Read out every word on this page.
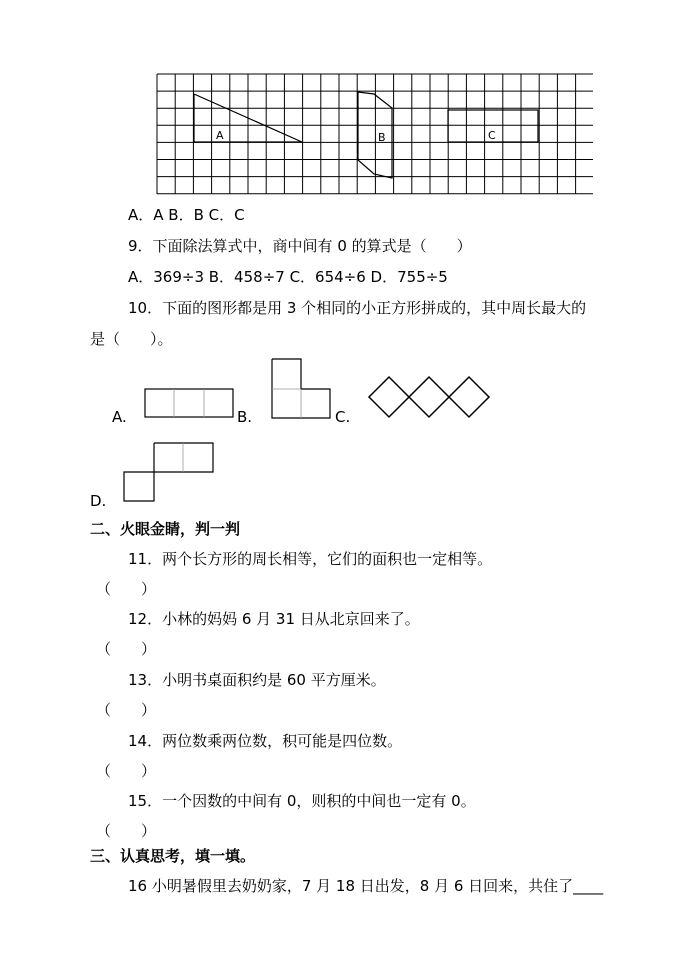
A	B	C
A．A B．B C．C
9．下面除法算式中，商中间有 0 的算式是（　　）
A．369÷3 B．458÷7 C．654÷6 D．755÷5
10．下面的图形都是用 3 个相同的小正方形拼成的，其中周长最大的
是（　　）。
A.	B.	C.
D.
二、火眼金睛，判一判
11．两个长方形的周长相等，它们的面积也一定相等。
（　　）
12．小林的妈妈 6 月 31 日从北京回来了。
（　　）
13．小明书桌面积约是 60 平方厘米。
（　　）
14．两位数乘两位数，积可能是四位数。
（　　）
15．一个因数的中间有 0，则积的中间也一定有 0。
（　　）
三、认真思考，填一填。
16 小明暑假里去奶奶家，7 月 18 日出发，8 月 6 日回来，共住了____
